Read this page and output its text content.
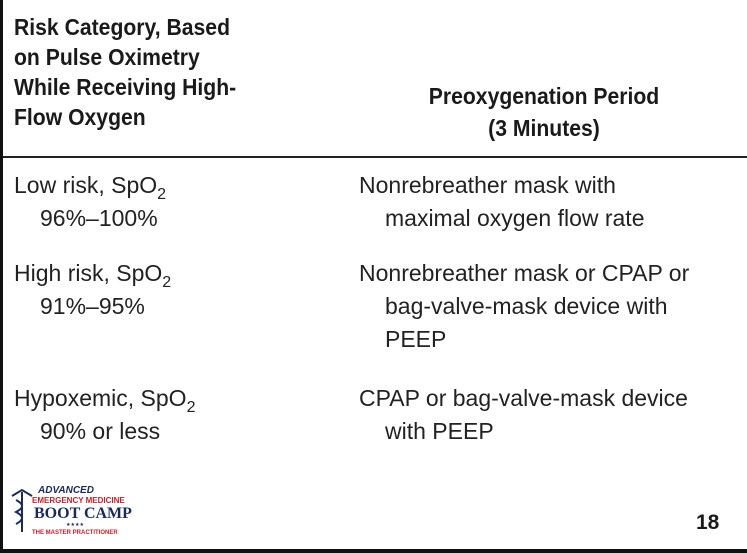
Risk Category, Based
on Pulse Oximetry
While Receiving High-
Flow Oxygen
Preoxygenation Period
(3 Minutes)
Low risk, SpO$_2$
96%–100%
Nonrebreather mask with
maximal oxygen flow rate
High risk, SpO$_2$
91%–95%
Nonrebreather mask or CPAP or
bag-valve-mask device with
PEEP
Hypoxemic, SpO$_2$
90% or less
CPAP or bag-valve-mask device
with PEEP
ADVANCED
EMERGENCY MEDICINE
BOOT CAMP
★★★★
THE MASTER PRACTITIONER	18
